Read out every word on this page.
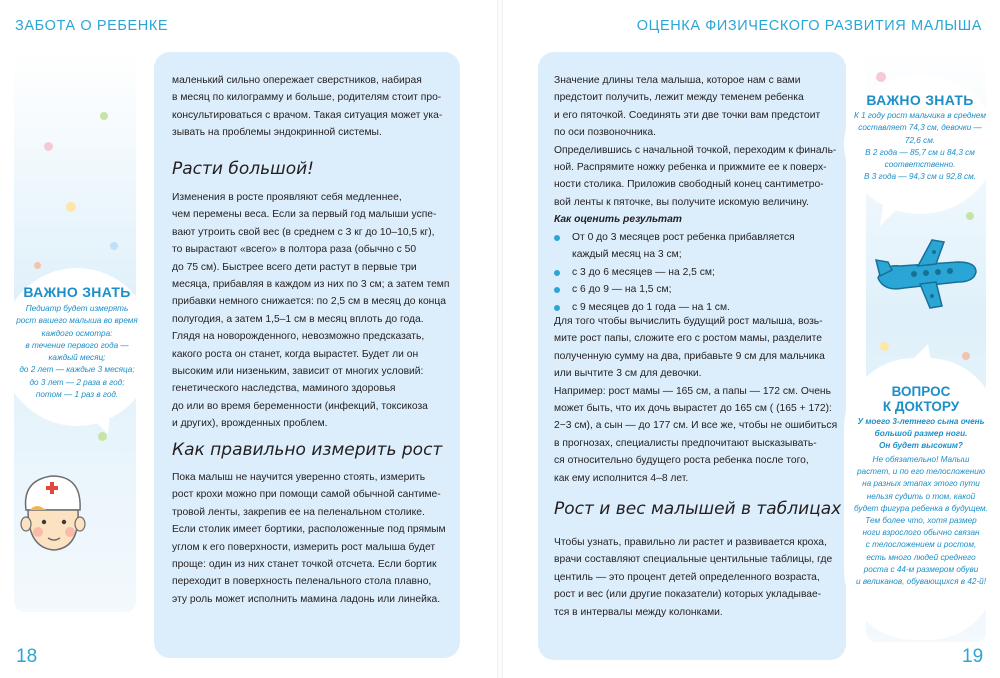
ЗАБОТА О РЕБЕНКЕ	ОЦЕНКА ФИЗИЧЕСКОГО РАЗВИТИЯ МАЛЫША
ВАЖНО ЗНАТЬ
Педиатр будет измерять
рост вашего малыша во время
каждого осмотра:
в течение первого года —
каждый месяц;
до 2 лет — каждые 3 месяца;
до 3 лет — 2 раза в год;
потом — 1 раз в год.
маленький сильно опережает сверстников, набирая
в месяц по килограмму и больше, родителям стоит про-
консультироваться с врачом. Такая ситуация может ука-
зывать на проблемы эндокринной системы.
Расти большой!
Изменения в росте проявляют себя медленнее,
чем перемены веса. Если за первый год малыши успе-
вают утроить свой вес (в среднем с 3 кг до 10–10,5 кг),
то вырастают «всего» в полтора раза (обычно с 50
до 75 см). Быстрее всего дети растут в первые три
месяца, прибавляя в каждом из них по 3 см; а затем темп
прибавки немного снижается: по 2,5 см в месяц до конца
полугодия, а затем 1,5–1 см в месяц вплоть до года.
Глядя на новорожденного, невозможно предсказать,
какого роста он станет, когда вырастет. Будет ли он
высоким или низеньким, зависит от многих условий:
генетического наследства, маминого здоровья
до или во время беременности (инфекций, токсикоза
и других), врожденных проблем.
Как правильно измерить рост
Пока малыш не научится уверенно стоять, измерить
рост крохи можно при помощи самой обычной сантиме-
тровой ленты, закрепив ее на пеленальном столике.
Если столик имеет бортики, расположенные под прямым
углом к его поверхности, измерить рост малыша будет
проще: один из них станет точкой отсчета. Если бортик
переходит в поверхность пеленального стола плавно,
эту роль может исполнить мамина ладонь или линейка.
Значение длины тела малыша, которое нам с вами
предстоит получить, лежит между теменем ребенка
и его пяточкой. Соединять эти две точки вам предстоит
по оси позвоночника.
Определившись с начальной точкой, переходим к финаль-
ной. Распрямите ножку ребенка и прижмите ее к поверх-
ности столика. Приложив свободный конец сантиметро-
вой ленты к пяточке, вы получите искомую величину.
Как оценить результат
От 0 до 3 месяцев рост ребенка прибавляется
каждый месяц на 3 см;
с 3 до 6 месяцев — на 2,5 см;
с 6 до 9 — на 1,5 см;
с 9 месяцев до 1 года — на 1 см.
Для того чтобы вычислить будущий рост малыша, возь-
мите рост папы, сложите его с ростом мамы, разделите
полученную сумму на два, прибавьте 9 см для мальчика
или вычтите 3 см для девочки.
Например: рост мамы — 165 см, а папы — 172 см. Очень
может быть, что их дочь вырастет до 165 см ( (165 + 172):
2−3 см), а сын — до 177 см. И все же, чтобы не ошибиться
в прогнозах, специалисты предпочитают высказывать-
ся относительно будущего роста ребенка после того,
как ему исполнится 4–8 лет.
Рост и вес малышей в таблицах
Чтобы узнать, правильно ли растет и развивается кроха,
врачи составляют специальные центильные таблицы, где
центиль — это процент детей определенного возраста,
рост и вес (или другие показатели) которых укладывае-
тся в интервалы между колонками.
ВАЖНО ЗНАТЬ
К 1 году рост мальчика в среднем
составляет 74,3 см, девочки —
72,6 см.
В 2 года — 85,7 см и 84,3 см
соответственно.
В 3 года — 94,3 см и 92,8 см.
ВОПРОС
К ДОКТОРУ
У моего 3-летнего сына очень
большой размер ноги.
Он будет высоким?
Не обязательно! Малыш
растет, и по его телосложению
на разных этапах этого пути
нельзя судить о том, какой
будет фигура ребенка в будущем.
Тем более что, хотя размер
ноги взрослого обычно связан
с телосложением и ростом,
есть много людей среднего
роста с 44-м размером обуви
и великанов, обувающихся в 42-й!
18	19
